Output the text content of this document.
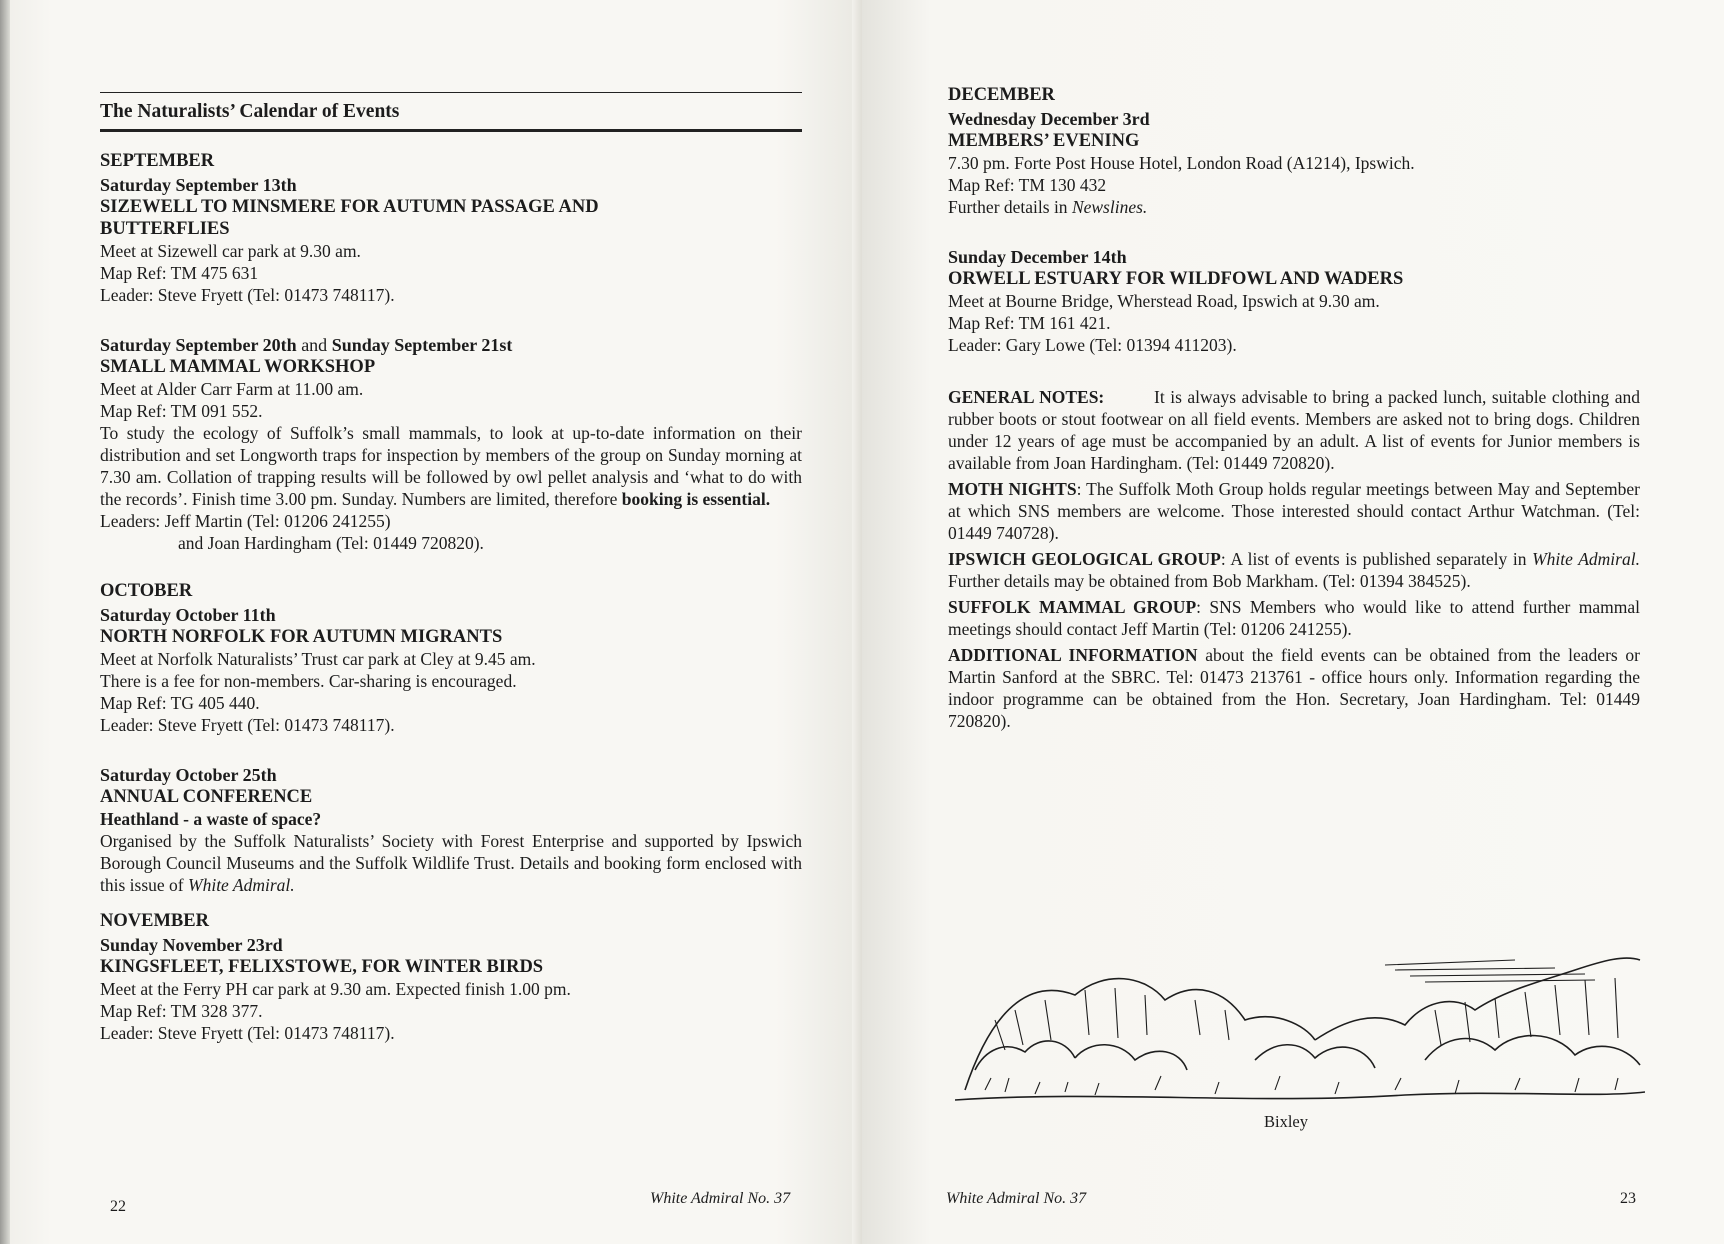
The Naturalists’ Calendar of Events
SEPTEMBER
Saturday September 13th
SIZEWELL TO MINSMERE FOR AUTUMN PASSAGE AND
BUTTERFLIES
Meet at Sizewell car park at 9.30 am.
Map Ref: TM 475 631
Leader: Steve Fryett (Tel: 01473 748117).
Saturday September 20th and Sunday September 21st
SMALL MAMMAL WORKSHOP
Meet at Alder Carr Farm at 11.00 am.
Map Ref: TM 091 552.
To study the ecology of Suffolk’s small mammals, to look at up-to-date information on their distribution and set Longworth traps for inspection by members of the group on Sunday morning at 7.30 am. Collation of trapping results will be followed by owl pellet analysis and ‘what to do with the records’. Finish time 3.00 pm. Sunday. Numbers are limited, therefore booking is essential.
Leaders: Jeff Martin (Tel: 01206 241255)
and Joan Hardingham (Tel: 01449 720820).
OCTOBER
Saturday October 11th
NORTH NORFOLK FOR AUTUMN MIGRANTS
Meet at Norfolk Naturalists’ Trust car park at Cley at 9.45 am.
There is a fee for non-members. Car-sharing is encouraged.
Map Ref: TG 405 440.
Leader: Steve Fryett (Tel: 01473 748117).
Saturday October 25th
ANNUAL CONFERENCE
Heathland - a waste of space?
Organised by the Suffolk Naturalists’ Society with Forest Enterprise and supported by Ipswich Borough Council Museums and the Suffolk Wildlife Trust. Details and booking form enclosed with this issue of White Admiral.
NOVEMBER
Sunday November 23rd
KINGSFLEET, FELIXSTOWE, FOR WINTER BIRDS
Meet at the Ferry PH car park at 9.30 am. Expected finish 1.00 pm.
Map Ref: TM 328 377.
Leader: Steve Fryett (Tel: 01473 748117).
22	White Admiral No. 37
DECEMBER
Wednesday December 3rd
MEMBERS’ EVENING
7.30 pm. Forte Post House Hotel, London Road (A1214), Ipswich.
Map Ref: TM 130 432
Further details in Newslines.
Sunday December 14th
ORWELL ESTUARY FOR WILDFOWL AND WADERS
Meet at Bourne Bridge, Wherstead Road, Ipswich at 9.30 am.
Map Ref: TM 161 421.
Leader: Gary Lowe (Tel: 01394 411203).
GENERAL NOTES:	It is always advisable to bring a packed lunch, suitable clothing and rubber boots or stout footwear on all field events. Members are asked not to bring dogs. Children under 12 years of age must be accompanied by an adult. A list of events for Junior members is available from Joan Hardingham. (Tel: 01449 720820).
MOTH NIGHTS: The Suffolk Moth Group holds regular meetings between May and September at which SNS members are welcome. Those interested should contact Arthur Watchman. (Tel: 01449 740728).
IPSWICH GEOLOGICAL GROUP: A list of events is published separately in White Admiral. Further details may be obtained from Bob Markham. (Tel: 01394 384525).
SUFFOLK MAMMAL GROUP: SNS Members who would like to attend further mammal meetings should contact Jeff Martin (Tel: 01206 241255).
ADDITIONAL INFORMATION about the field events can be obtained from the leaders or Martin Sanford at the SBRC. Tel: 01473 213761 - office hours only. Information regarding the indoor programme can be obtained from the Hon. Secretary, Joan Hardingham. Tel: 01449 720820).
Bixley
White Admiral No. 37	23
